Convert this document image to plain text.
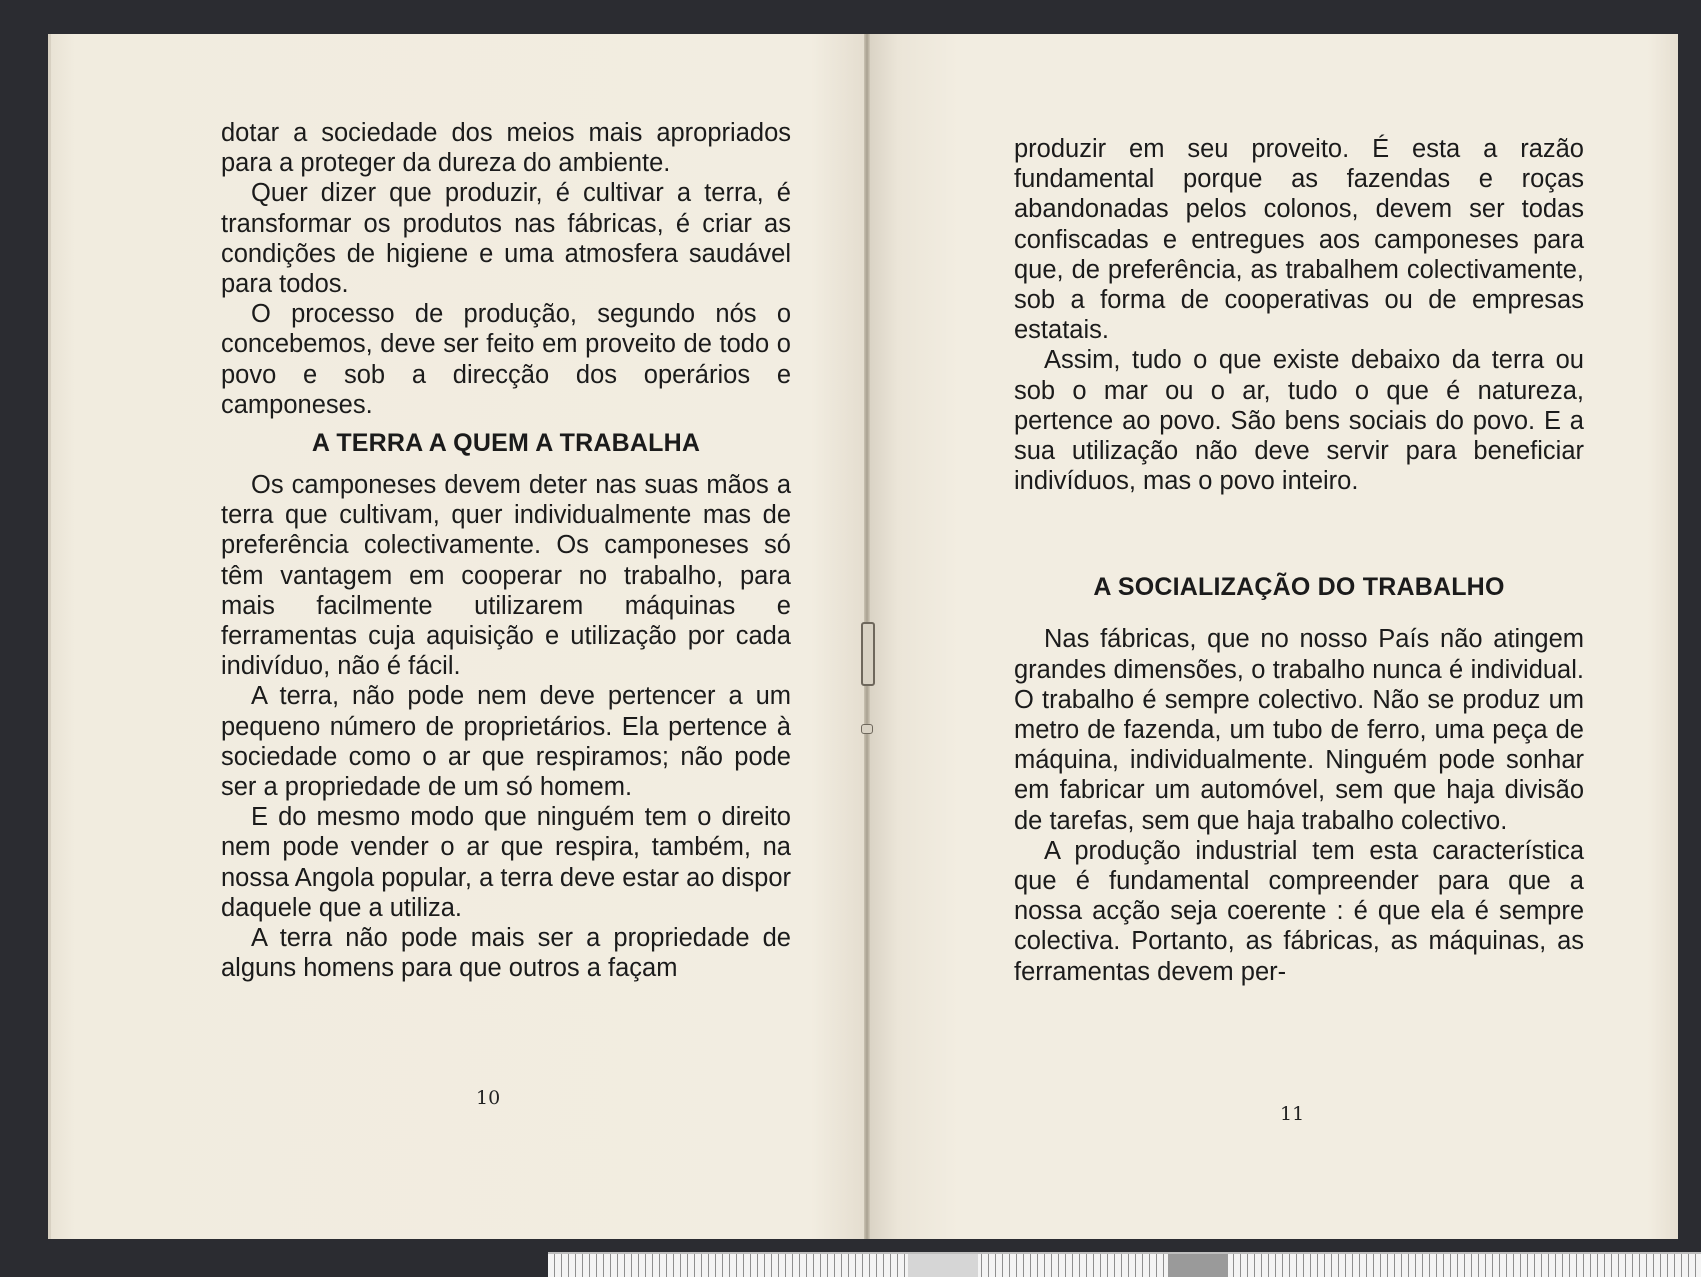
dotar a sociedade dos meios mais apropriados para a proteger da dureza do ambiente.

Quer dizer que produzir, é cultivar a terra, é transformar os produtos nas fábricas, é criar as condições de higiene e uma atmosfera saudável para todos.

O processo de produção, segundo nós o concebemos, deve ser feito em proveito de todo o povo e sob a direcção dos operários e camponeses.

A TERRA A QUEM A TRABALHA

Os camponeses devem deter nas suas mãos a terra que cultivam, quer individualmente mas de preferência colectivamente. Os camponeses só têm vantagem em cooperar no trabalho, para mais facilmente utilizarem máquinas e ferramentas cuja aquisição e utilização por cada indivíduo, não é fácil.

A terra, não pode nem deve pertencer a um pequeno número de proprietários. Ela pertence à sociedade como o ar que respiramos; não pode ser a propriedade de um só homem.

E do mesmo modo que ninguém tem o direito nem pode vender o ar que respira, também, na nossa Angola popular, a terra deve estar ao dispor daquele que a utiliza.

A terra não pode mais ser a propriedade de alguns homens para que outros a façam

10

produzir em seu proveito. É esta a razão fundamental porque as fazendas e roças abandonadas pelos colonos, devem ser todas confiscadas e entregues aos camponeses para que, de preferência, as trabalhem colectivamente, sob a forma de cooperativas ou de empresas estatais.

Assim, tudo o que existe debaixo da terra ou sob o mar ou o ar, tudo o que é natureza, pertence ao povo. São bens sociais do povo. E a sua utilização não deve servir para beneficiar indivíduos, mas o povo inteiro.

A SOCIALIZAÇÃO DO TRABALHO

Nas fábricas, que no nosso País não atingem grandes dimensões, o trabalho nunca é individual. O trabalho é sempre colectivo. Não se produz um metro de fazenda, um tubo de ferro, uma peça de máquina, individualmente. Ninguém pode sonhar em fabricar um automóvel, sem que haja divisão de tarefas, sem que haja trabalho colectivo.

A produção industrial tem esta característica que é fundamental compreender para que a nossa acção seja coerente : é que ela é sempre colectiva. Portanto, as fábricas, as máquinas, as ferramentas devem per-

11
